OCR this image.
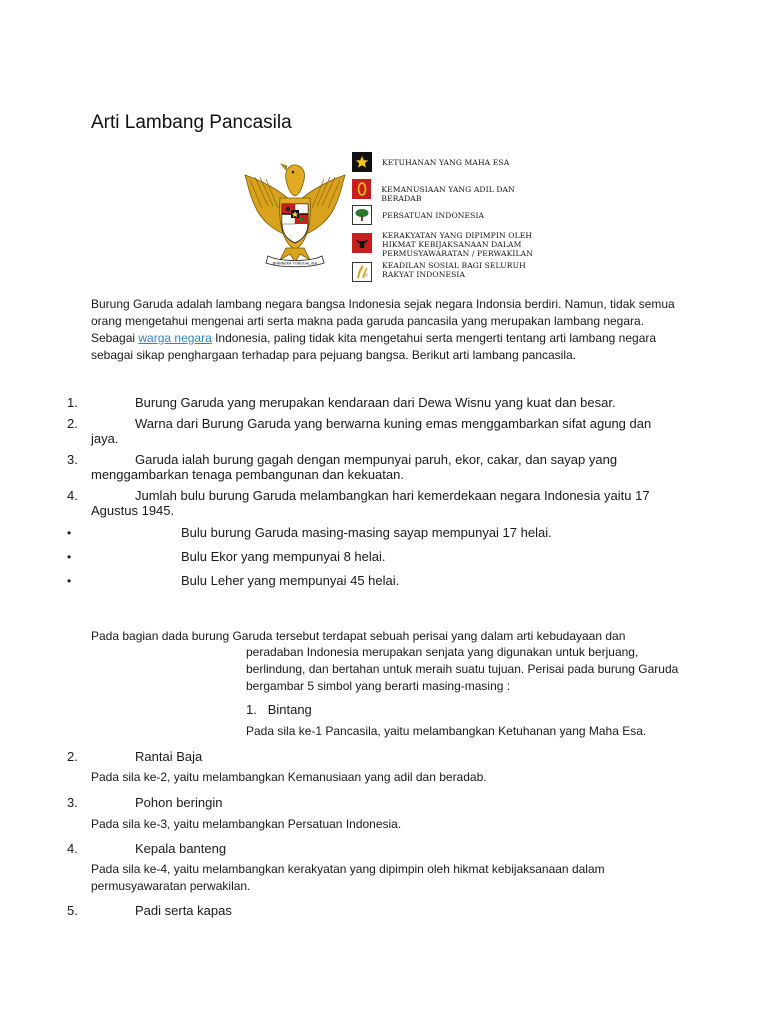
Arti Lambang Pancasila
BHINNEKA TUNGGAL IKA
KETUHANAN YANG MAHA ESA
KEMANUSIAAN YANG ADIL DAN BERADAB
PERSATUAN INDONESIA
KERAKYATAN YANG DIPIMPIN OLEH
HIKMAT KEBIJAKSANAAN DALAM
PERMUSYAWARATAN / PERWAKILAN
KEADILAN SOSIAL BAGI SELURUH
RAKYAT INDONESIA
Burung Garuda adalah lambang negara bangsa Indonesia sejak negara Indonsia berdiri. Namun, tidak semua orang mengetahui mengenai arti serta makna pada garuda pancasila yang merupakan lambang negara. Sebagai warga negara Indonesia, paling tidak kita mengetahui serta mengerti tentang arti lambang negara sebagai sikap penghargaan terhadap para pejuang bangsa. Berikut arti lambang pancasila.
1.	Burung Garuda yang merupakan kendaraan dari Dewa Wisnu yang kuat dan besar.
2.	Warna dari Burung Garuda yang berwarna kuning emas menggambarkan sifat agung dan jaya.
3.	Garuda ialah burung gagah dengan mempunyai paruh, ekor, cakar, dan sayap yang menggambarkan tenaga pembangunan dan kekuatan.
4.	Jumlah bulu burung Garuda melambangkan hari kemerdekaan negara Indonesia yaitu 17 Agustus 1945.
•	Bulu burung Garuda masing-masing sayap mempunyai 17 helai.
•	Bulu Ekor yang mempunyai 8 helai.
•	Bulu Leher yang mempunyai 45 helai.
Pada bagian dada burung Garuda tersebut terdapat sebuah perisai yang dalam arti kebudayaan dan
peradaban Indonesia merupakan senjata yang digunakan untuk berjuang, berlindung, dan bertahan untuk meraih suatu tujuan. Perisai pada burung Garuda bergambar 5 simbol yang berarti masing-masing :
1. Bintang
Pada sila ke-1 Pancasila, yaitu melambangkan Ketuhanan yang Maha Esa.
2.	Rantai Baja
Pada sila ke-2, yaitu melambangkan Kemanusiaan yang adil dan beradab.
3.	Pohon beringin
Pada sila ke-3, yaitu melambangkan Persatuan Indonesia.
4.	Kepala banteng
Pada sila ke-4, yaitu melambangkan kerakyatan yang dipimpin oleh hikmat kebijaksanaan dalam permusyawaratan perwakilan.
5.	Padi serta kapas
